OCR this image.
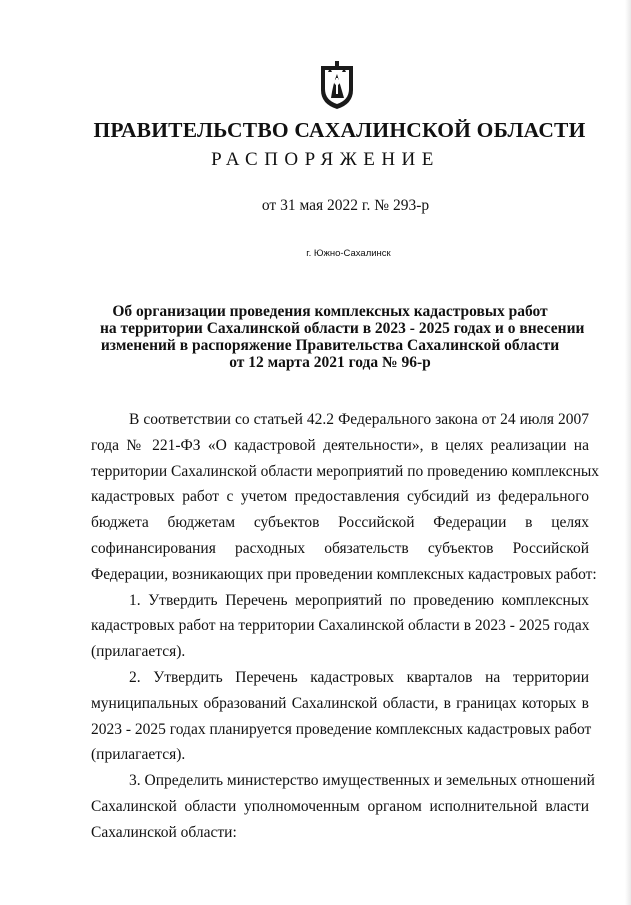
ПРАВИТЕЛЬСТВО САХАЛИНСКОЙ ОБЛАСТИ
РАСПОРЯЖЕНИЕ
от 31 мая 2022 г. № 293-р
г. Южно-Сахалинск
Об организации проведения комплексных кадастровых работ
на территории Сахалинской области в 2023 - 2025 годах и о внесении
изменений в распоряжение Правительства Сахалинской области
от 12 марта 2021 года № 96-р
В соответствии со статьей 42.2 Федерального закона от 24 июля 2007
года № 221-ФЗ «О кадастровой деятельности», в целях реализации на
территории Сахалинской области мероприятий по проведению комплексных
кадастровых работ с учетом предоставления субсидий из федерального
бюджета бюджетам субъектов Российской Федерации в целях
софинансирования расходных обязательств субъектов Российской
Федерации, возникающих при проведении комплексных кадастровых работ:
1. Утвердить Перечень мероприятий по проведению комплексных
кадастровых работ на территории Сахалинской области в 2023 - 2025 годах
(прилагается).
2. Утвердить Перечень кадастровых кварталов на территории
муниципальных образований Сахалинской области, в границах которых в
2023 - 2025 годах планируется проведение комплексных кадастровых работ
(прилагается).
3. Определить министерство имущественных и земельных отношений
Сахалинской области уполномоченным органом исполнительной власти
Сахалинской области:
